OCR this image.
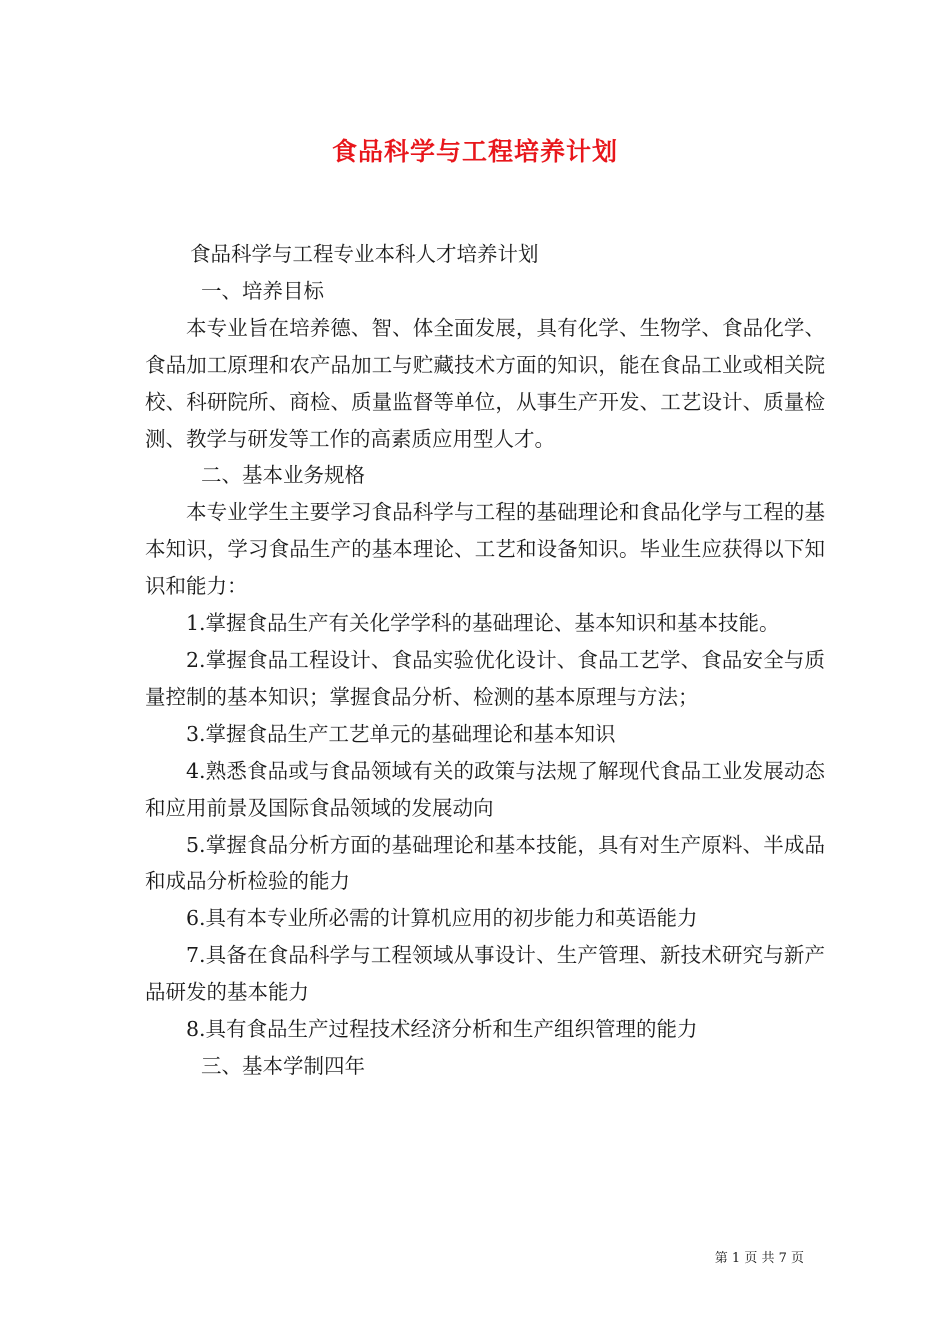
食品科学与工程培养计划

食品科学与工程专业本科人才培养计划

一、培养目标

本专业旨在培养德、智、体全面发展，具有化学、生物学、食品化学、食品加工原理和农产品加工与贮藏技术方面的知识，能在食品工业或相关院校、科研院所、商检、质量监督等单位，从事生产开发、工艺设计、质量检测、教学与研发等工作的高素质应用型人才。

二、基本业务规格

本专业学生主要学习食品科学与工程的基础理论和食品化学与工程的基本知识，学习食品生产的基本理论、工艺和设备知识。毕业生应获得以下知识和能力：

1.掌握食品生产有关化学学科的基础理论、基本知识和基本技能。

2.掌握食品工程设计、食品实验优化设计、食品工艺学、食品安全与质量控制的基本知识；掌握食品分析、检测的基本原理与方法；

3.掌握食品生产工艺单元的基础理论和基本知识

4.熟悉食品或与食品领域有关的政策与法规了解现代食品工业发展动态和应用前景及国际食品领域的发展动向

5.掌握食品分析方面的基础理论和基本技能，具有对生产原料、半成品和成品分析检验的能力

6.具有本专业所必需的计算机应用的初步能力和英语能力

7.具备在食品科学与工程领域从事设计、生产管理、新技术研究与新产品研发的基本能力

8.具有食品生产过程技术经济分析和生产组织管理的能力

三、基本学制四年

第 1 页 共 7 页
